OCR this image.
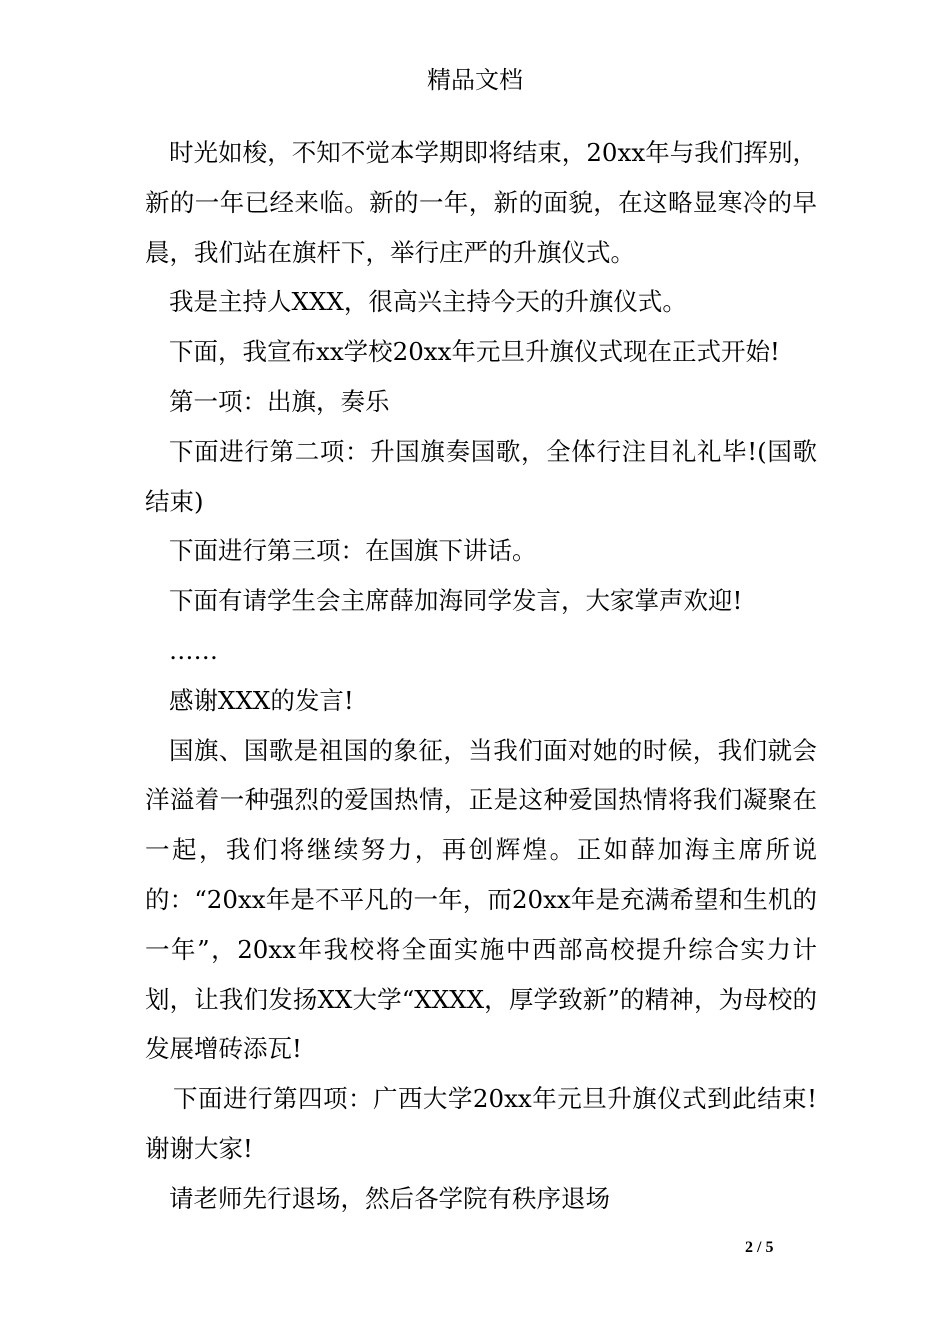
精品文档

时光如梭，不知不觉本学期即将结束，20xx年与我们挥别，新的一年已经来临。新的一年，新的面貌，在这略显寒冷的早晨，我们站在旗杆下，举行庄严的升旗仪式。

我是主持人XXX，很高兴主持今天的升旗仪式。

下面，我宣布xx学校20xx年元旦升旗仪式现在正式开始!

第一项：出旗，奏乐

下面进行第二项：升国旗奏国歌，全体行注目礼礼毕!(国歌结束)

下面进行第三项：在国旗下讲话。

下面有请学生会主席薛加海同学发言，大家掌声欢迎!

……

感谢XXX的发言!

国旗、国歌是祖国的象征，当我们面对她的时候，我们就会洋溢着一种强烈的爱国热情，正是这种爱国热情将我们凝聚在一起，我们将继续努力，再创辉煌。正如薛加海主席所说的：“20xx年是不平凡的一年，而20xx年是充满希望和生机的一年”，20xx年我校将全面实施中西部高校提升综合实力计划，让我们发扬XX大学“XXXX，厚学致新”的精神，为母校的发展增砖添瓦!

下面进行第四项：广西大学20xx年元旦升旗仪式到此结束!谢谢大家!

请老师先行退场，然后各学院有秩序退场

2 / 5
